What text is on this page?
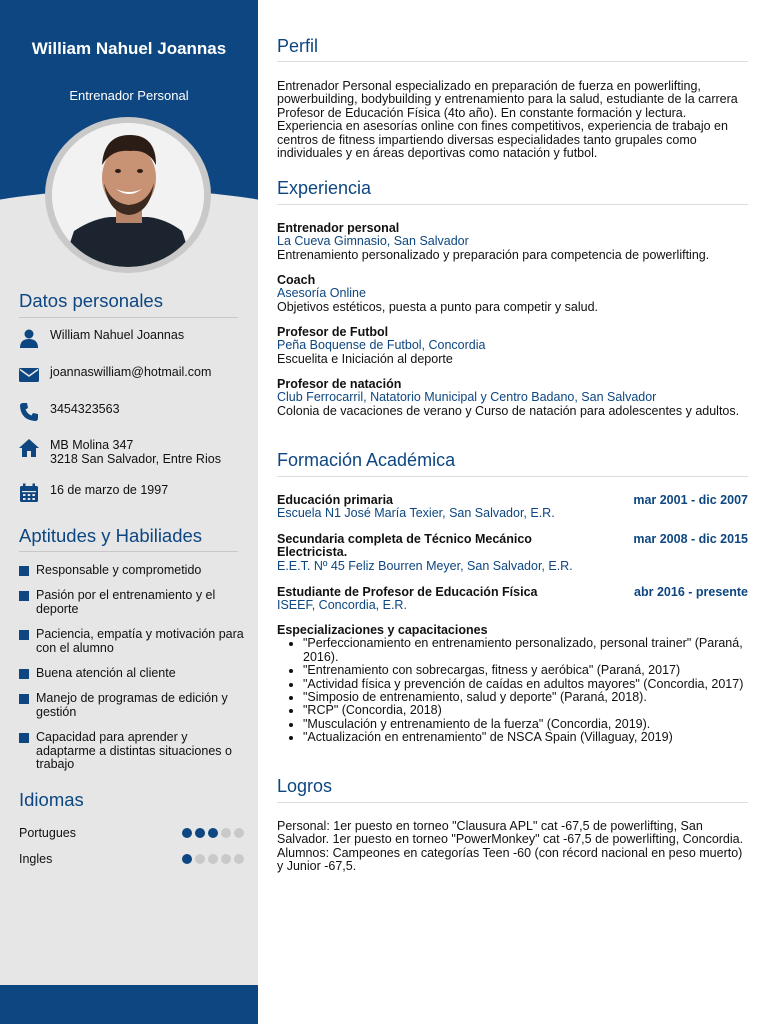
William Nahuel Joannas
Entrenador Personal
Datos personales
William Nahuel Joannas
joannaswilliam@hotmail.com
3454323563
MB Molina 347
3218 San Salvador, Entre Rios
16 de marzo de 1997
Aptitudes y Habiliades
Responsable y comprometido
Pasión por el entrenamiento y el deporte
Paciencia, empatía y motivación para con el alumno
Buena atención al cliente
Manejo de programas de edición y gestión
Capacidad para aprender y adaptarme a distintas situaciones o trabajo
Idiomas
Portugues
Ingles
Perfil
Entrenador Personal especializado en preparación de fuerza en powerlifting, powerbuilding, bodybuilding y entrenamiento para la salud, estudiante de la carrera Profesor de Educación Física (4to año). En constante formación y lectura. Experiencia en asesorías online con fines competitivos, experiencia de trabajo en centros de fitness impartiendo diversas especialidades tanto grupales como individuales y en áreas deportivas como natación y futbol.
Experiencia
Entrenador personal
La Cueva Gimnasio, San Salvador
Entrenamiento personalizado y preparación para competencia de powerlifting.
Coach
Asesoría Online
Objetivos estéticos, puesta a punto para competir y salud.
Profesor de Futbol
Peña Boquense de Futbol, Concordia
Escuelita e Iniciación al deporte
Profesor de natación
Club Ferrocarril, Natatorio Municipal y Centro Badano, San Salvador
Colonia de vacaciones de verano y Curso de natación para adolescentes y adultos.
Formación Académica
Educación primaria	mar 2001 - dic 2007
Escuela N1 José María Texier, San Salvador, E.R.
Secundaria completa de Técnico Mecánico Electricista.
mar 2008 - dic 2015
E.E.T. Nº 45 Feliz Bourren Meyer, San Salvador, E.R.
Estudiante de Profesor de Educación Física	abr 2016 - presente
ISEEF, Concordia, E.R.
Especializaciones y capacitaciones
• "Perfeccionamiento en entrenamiento personalizado, personal trainer" (Paraná, 2016).
• "Entrenamiento con sobrecargas, fitness y aeróbica" (Paraná, 2017)
• "Actividad física y prevención de caídas en adultos mayores" (Concordia, 2017)
• "Simposio de entrenamiento, salud y deporte" (Paraná, 2018).
• "RCP" (Concordia, 2018)
• "Musculación y entrenamiento de la fuerza" (Concordia, 2019).
• "Actualización en entrenamiento" de NSCA Spain (Villaguay, 2019)
Logros
Personal: 1er puesto en torneo "Clausura APL" cat -67,5 de powerlifting, San Salvador. 1er puesto en torneo "PowerMonkey" cat -67,5 de powerlifting, Concordia.
Alumnos: Campeones en categorías Teen -60 (con récord nacional en peso muerto) y Junior -67,5.
